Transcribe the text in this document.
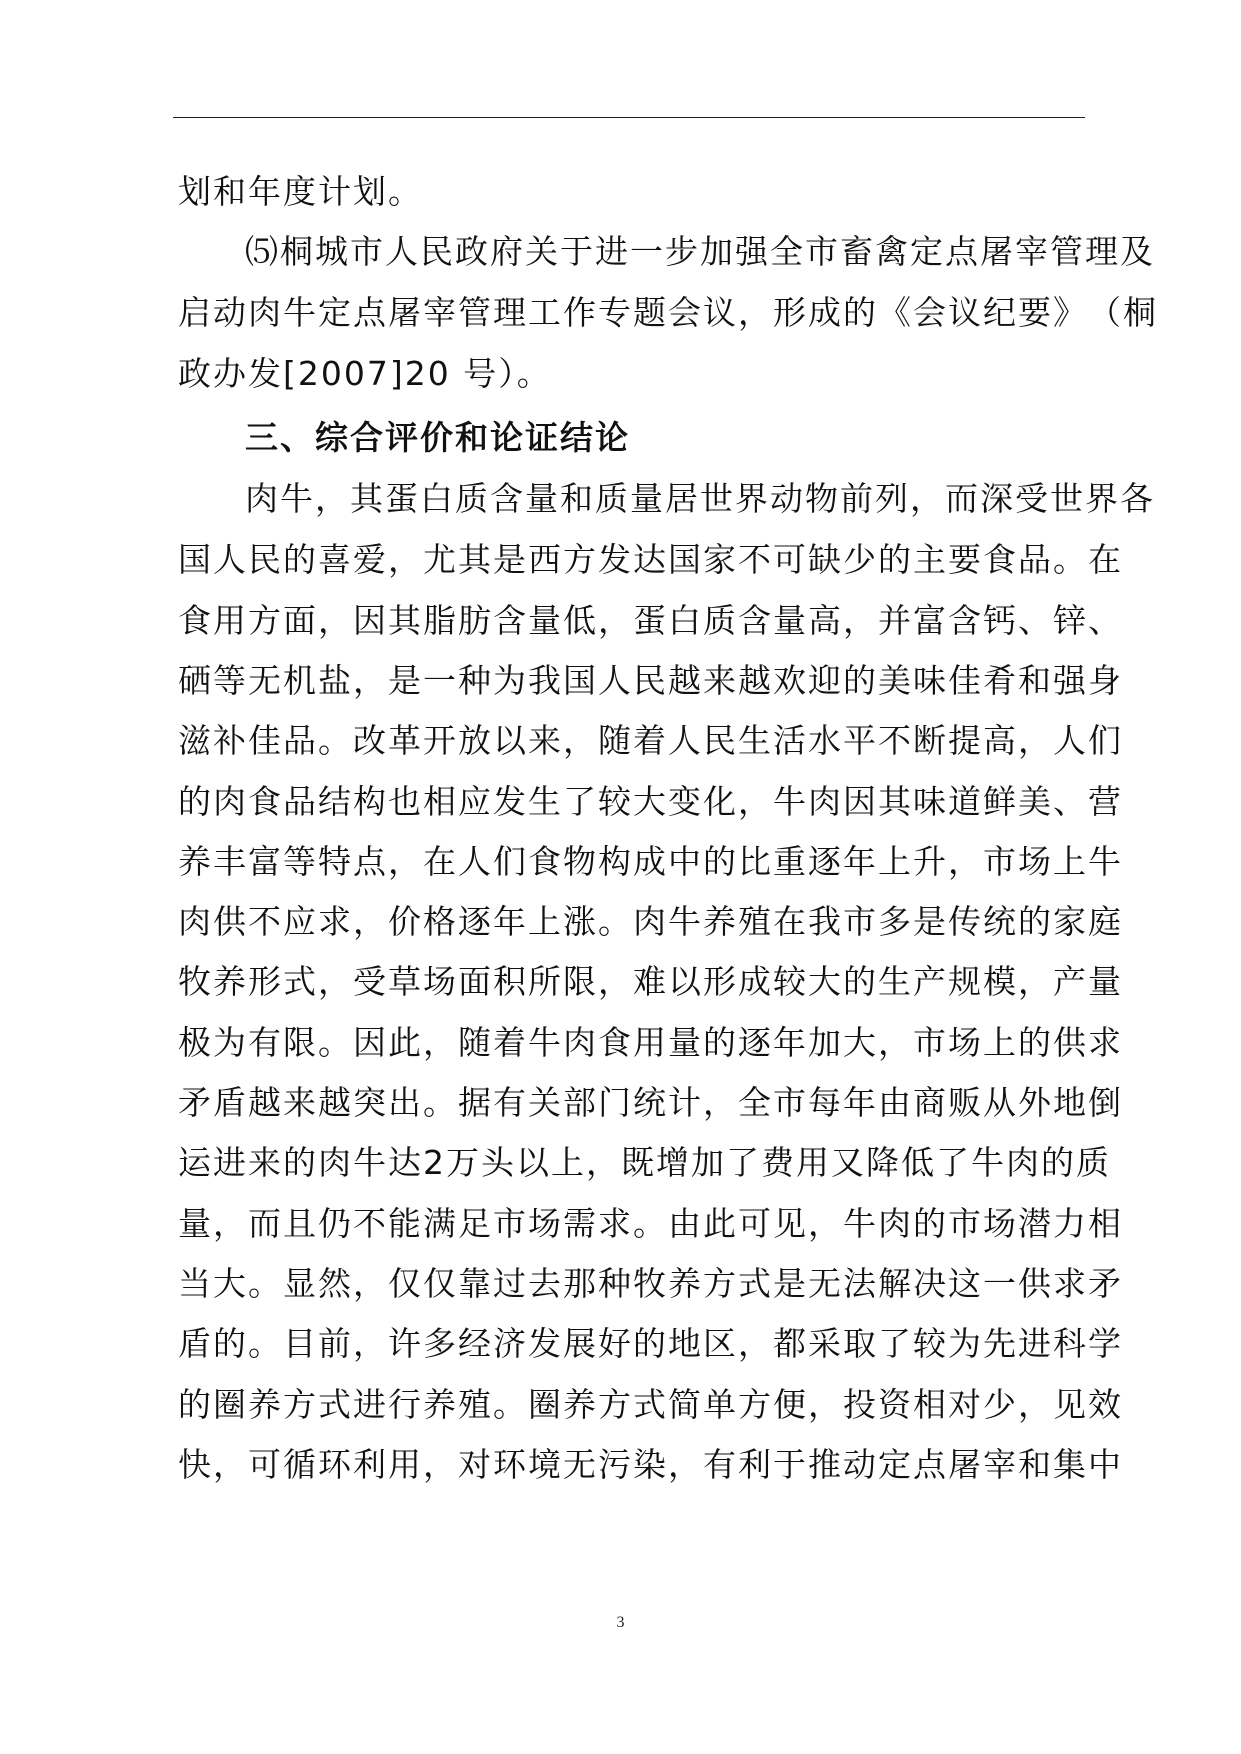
划和年度计划。
⑸ 桐 城 市 人 民 政 府 关 于 进 一 步 加 强 全 市 畜 禽 定 点 屠 宰 管 理 及
启 动 肉 牛 定 点 屠 宰 管 理 工 作 专 题 会 议 ， 形 成 的 《 会 议 纪 要 》 （ 桐
政办发[2007]20 号）。
三、综合评价和论证结论
肉 牛 ， 其 蛋 白 质 含 量 和 质 量 居 世 界 动 物 前 列 ， 而 深 受 世 界 各
国 人 民 的 喜 爱 ， 尤 其 是 西 方 发 达 国 家 不 可 缺 少 的 主 要 食 品 。 在
食 用 方 面 ， 因 其 脂 肪 含 量 低 ， 蛋 白 质 含 量 高 ， 并 富 含 钙 、 锌 、
硒 等 无 机 盐 ， 是 一 种 为 我 国 人 民 越 来 越 欢 迎 的 美 味 佳 肴 和 强 身
滋 补 佳 品 。 改 革 开 放 以 来 ， 随 着 人 民 生 活 水 平 不 断 提 高 ， 人 们
的 肉 食 品 结 构 也 相 应 发 生 了 较 大 变 化 ， 牛 肉 因 其 味 道 鲜 美 、 营
养 丰 富 等 特 点 ， 在 人 们 食 物 构 成 中 的 比 重 逐 年 上 升 ， 市 场 上 牛
肉 供 不 应 求 ， 价 格 逐 年 上 涨 。 肉 牛 养 殖 在 我 市 多 是 传 统 的 家 庭
牧 养 形 式 ， 受 草 场 面 积 所 限 ， 难 以 形 成 较 大 的 生 产 规 模 ， 产 量
极 为 有 限 。 因 此 ， 随 着 牛 肉 食 用 量 的 逐 年 加 大 ， 市 场 上 的 供 求
矛 盾 越 来 越 突 出 。 据 有 关 部 门 统 计 ， 全 市 每 年 由 商 贩 从 外 地 倒
运 进 来 的 肉 牛 达 2 万 头 以 上 ， 既 增 加 了 费 用 又 降 低 了 牛 肉 的 质
量 ， 而 且 仍 不 能 满 足 市 场 需 求 。 由 此 可 见 ， 牛 肉 的 市 场 潜 力 相
当 大 。 显 然 ， 仅 仅 靠 过 去 那 种 牧 养 方 式 是 无 法 解 决 这 一 供 求 矛
盾 的 。 目 前 ， 许 多 经 济 发 展 好 的 地 区 ， 都 采 取 了 较 为 先 进 科 学
的 圈 养 方 式 进 行 养 殖 。 圈 养 方 式 简 单 方 便 ， 投 资 相 对 少 ， 见 效
快 ， 可 循 环 利 用 ， 对 环 境 无 污 染 ， 有 利 于 推 动 定 点 屠 宰 和 集 中
3
